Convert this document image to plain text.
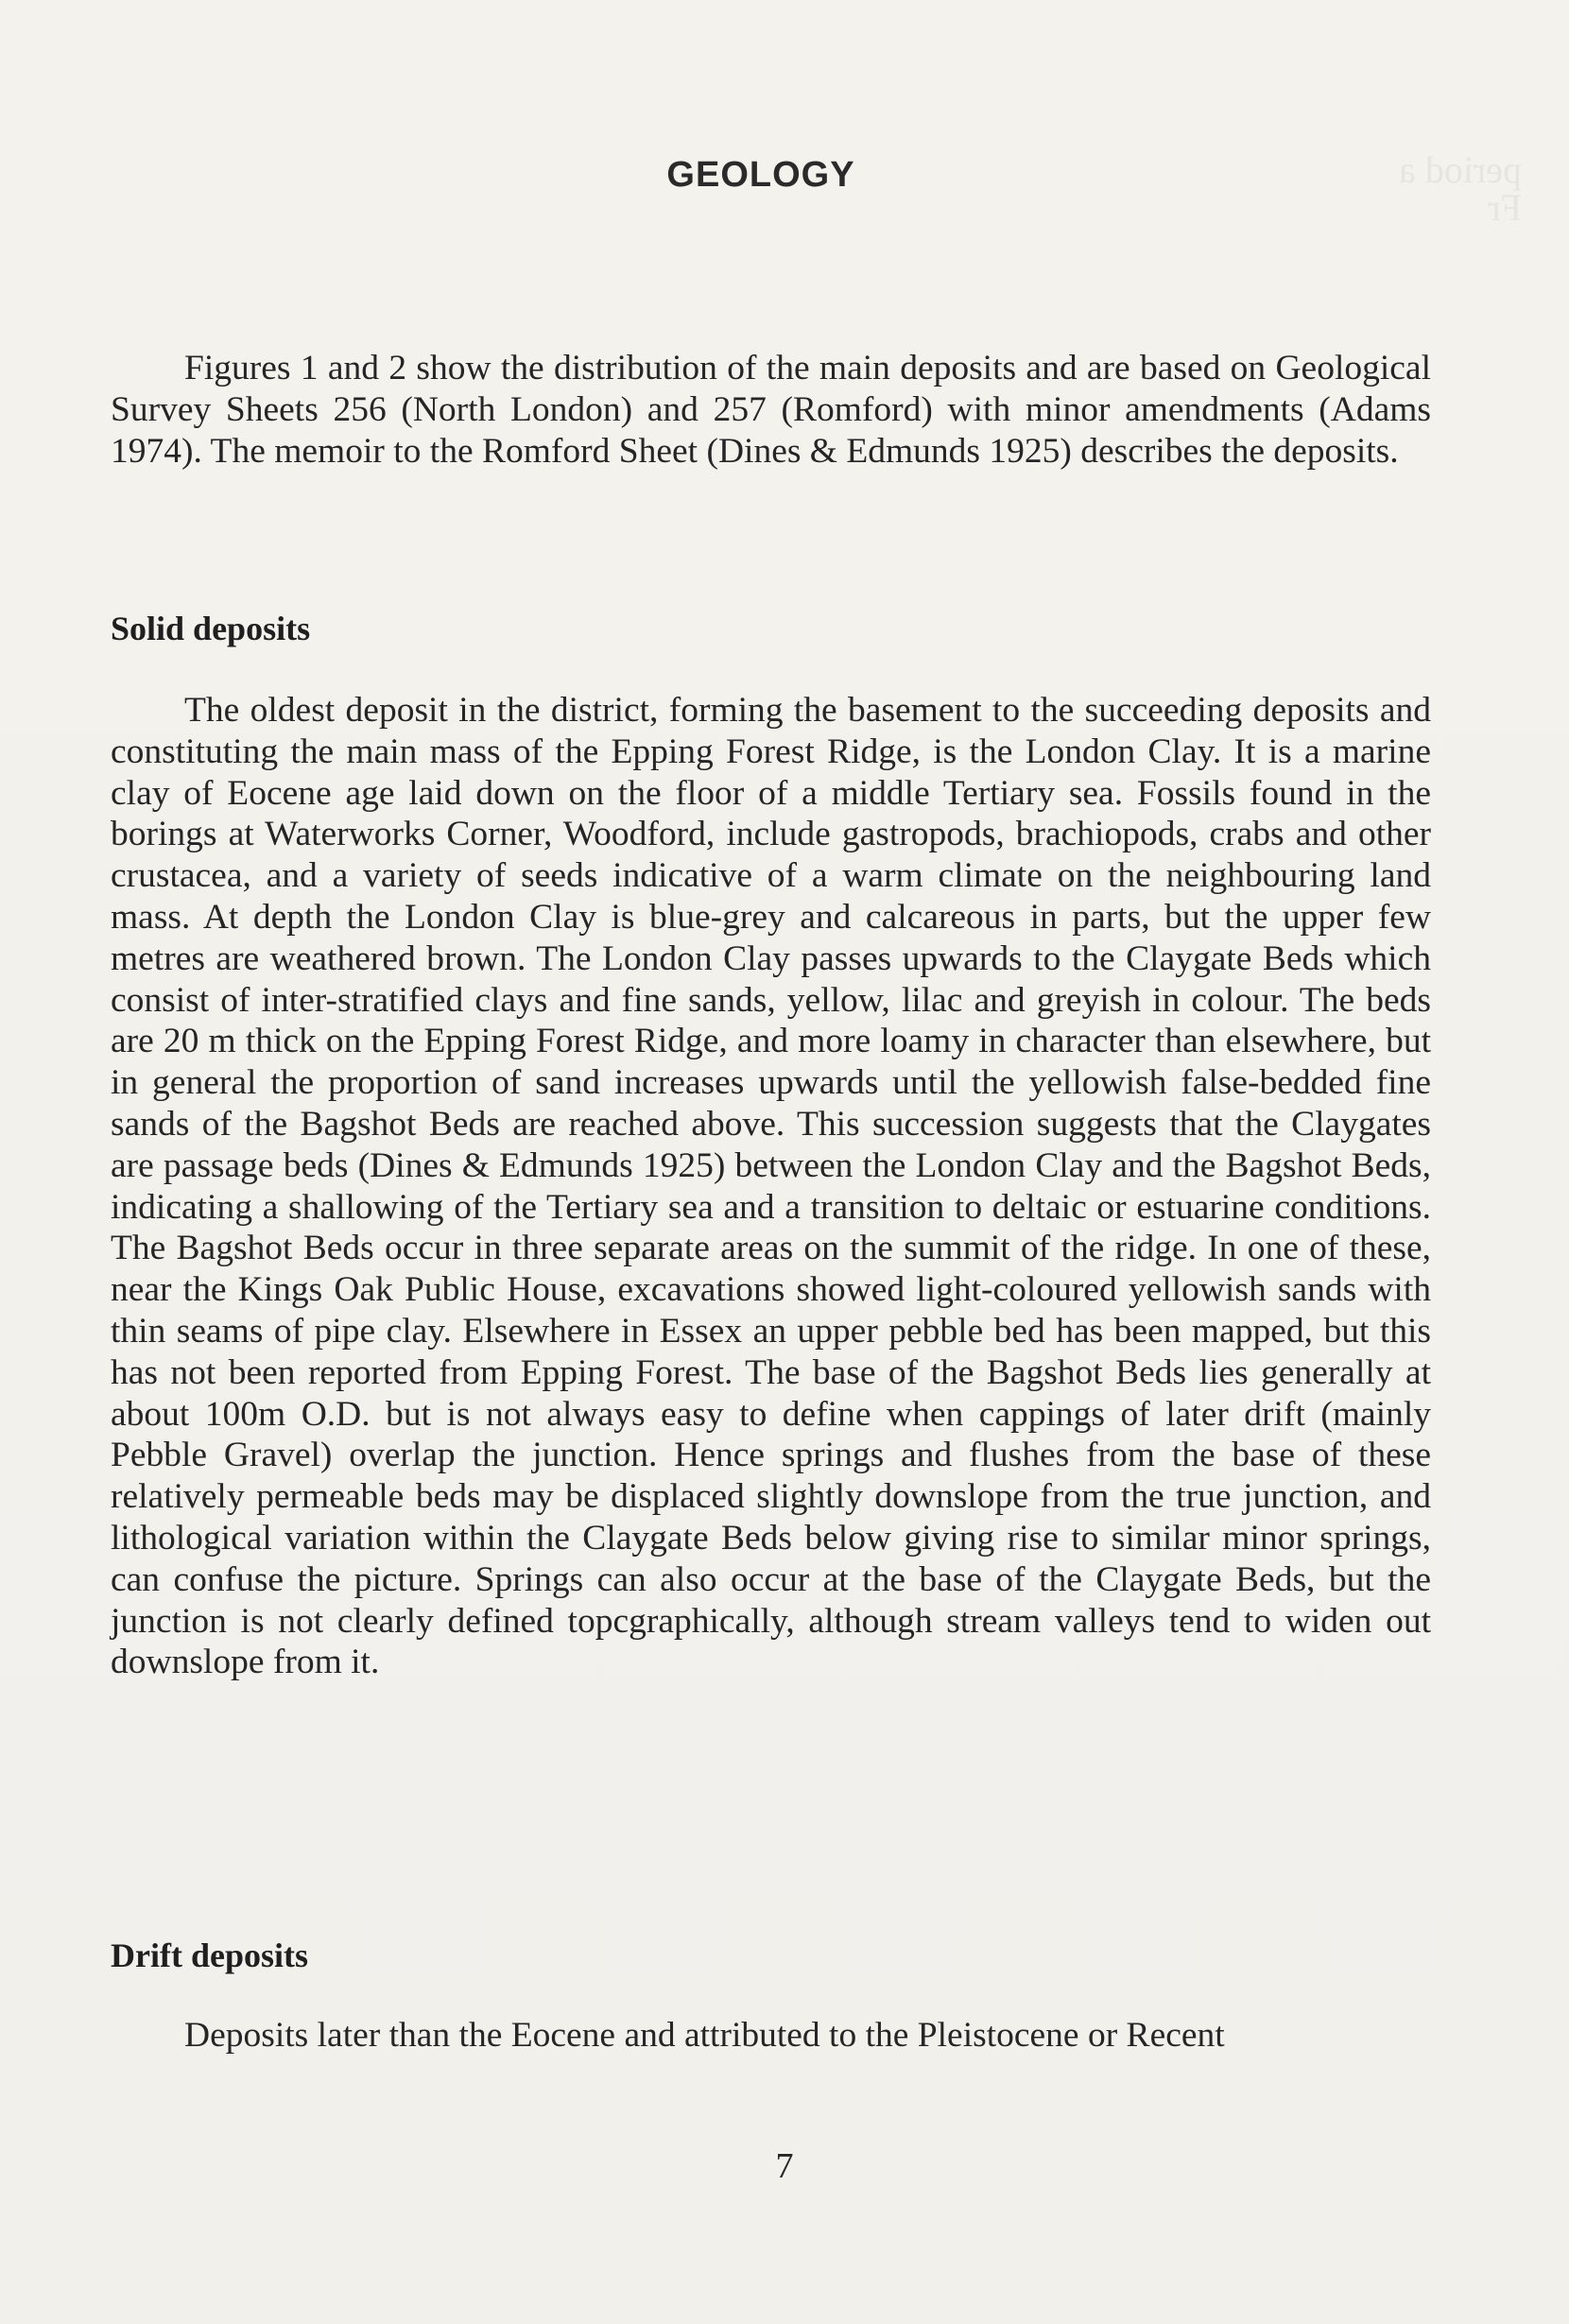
period a
Fr
GEOLOGY

Figures 1 and 2 show the distribution of the main deposits and are based on Geological Survey Sheets 256 (North London) and 257 (Romford) with minor amendments (Adams 1974). The memoir to the Romford Sheet (Dines & Edmunds 1925) describes the deposits.

Solid deposits

The oldest deposit in the district, forming the basement to the succeeding deposits and constituting the main mass of the Epping Forest Ridge, is the London Clay. It is a marine clay of Eocene age laid down on the floor of a middle Tertiary sea. Fossils found in the borings at Waterworks Corner, Woodford, include gastropods, brachiopods, crabs and other crustacea, and a variety of seeds indicative of a warm climate on the neighbouring land mass. At depth the London Clay is blue-grey and calcareous in parts, but the upper few metres are weathered brown. The London Clay passes upwards to the Claygate Beds which consist of inter-stratified clays and fine sands, yellow, lilac and greyish in colour. The beds are 20 m thick on the Epping Forest Ridge, and more loamy in character than elsewhere, but in general the proportion of sand increases upwards until the yellowish false-bedded fine sands of the Bagshot Beds are reached above. This succession suggests that the Claygates are passage beds (Dines & Edmunds 1925) between the London Clay and the Bagshot Beds, indicating a shallowing of the Tertiary sea and a transition to deltaic or estuarine conditions. The Bagshot Beds occur in three separate areas on the summit of the ridge. In one of these, near the Kings Oak Public House, excavations showed light-coloured yellowish sands with thin seams of pipe clay. Elsewhere in Essex an upper pebble bed has been mapped, but this has not been reported from Epping Forest. The base of the Bagshot Beds lies generally at about 100m O.D. but is not always easy to define when cappings of later drift (mainly Pebble Gravel) overlap the junction. Hence springs and flushes from the base of these relatively permeable beds may be displaced slightly downslope from the true junction, and lithological variation within the Claygate Beds below giving rise to similar minor springs, can confuse the picture. Springs can also occur at the base of the Claygate Beds, but the junction is not clearly defined topcgraphically, although stream valleys tend to widen out downslope from it.

Drift deposits

Deposits later than the Eocene and attributed to the Pleistocene or Recent

7
